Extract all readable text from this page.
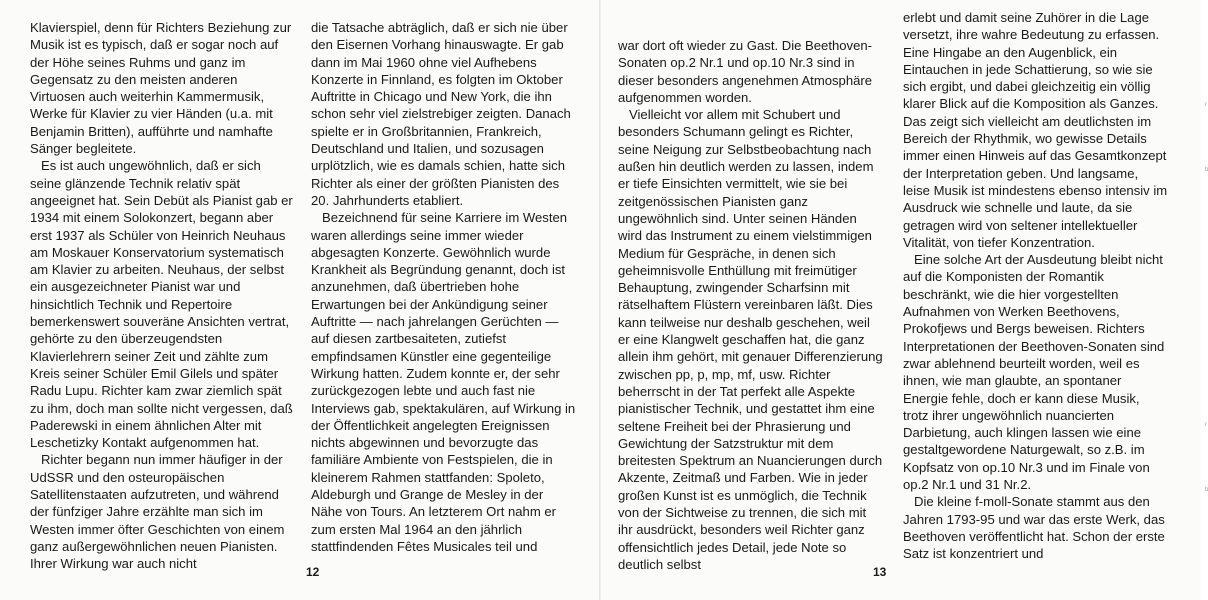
Klavierspiel, denn für Richters Beziehung zur Musik ist es typisch, daß er sogar noch auf der Höhe seines Ruhms und ganz im Gegensatz zu den meisten anderen Virtuosen auch weiterhin Kammermusik, Werke für Klavier zu vier Händen (u.a. mit Benjamin Britten), aufführte und namhafte Sänger begleitete.

Es ist auch ungewöhnlich, daß er sich seine glänzende Technik relativ spät angeeignet hat. Sein Debüt als Pianist gab er 1934 mit einem Solokonzert, begann aber erst 1937 als Schüler von Heinrich Neuhaus am Moskauer Konservatorium systematisch am Klavier zu arbeiten. Neuhaus, der selbst ein ausgezeichneter Pianist war und hinsichtlich Technik und Repertoire bemerkenswert souveräne Ansichten vertrat, gehörte zu den überzeugendsten Klavierlehrern seiner Zeit und zählte zum Kreis seiner Schüler Emil Gilels und später Radu Lupu. Richter kam zwar ziemlich spät zu ihm, doch man sollte nicht vergessen, daß Paderewski in einem ähnlichen Alter mit Leschetizky Kontakt aufgenommen hat.

Richter begann nun immer häufiger in der UdSSR und den osteuropäischen Satellitenstaaten aufzutreten, und während der fünfziger Jahre erzählte man sich im Westen immer öfter Geschichten von einem ganz außergewöhnlichen neuen Pianisten. Ihrer Wirkung war auch nicht

die Tatsache abträglich, daß er sich nie über den Eisernen Vorhang hinauswagte. Er gab dann im Mai 1960 ohne viel Aufhebens Konzerte in Finnland, es folgten im Oktober Auftritte in Chicago und New York, die ihn schon sehr viel zielstrebiger zeigten. Danach spielte er in Großbritannien, Frankreich, Deutschland und Italien, und sozusagen urplötzlich, wie es damals schien, hatte sich Richter als einer der größten Pianisten des 20. Jahrhunderts etabliert.

Bezeichnend für seine Karriere im Westen waren allerdings seine immer wieder abgesagten Konzerte. Gewöhnlich wurde Krankheit als Begründung genannt, doch ist anzunehmen, daß übertrieben hohe Erwartungen bei der Ankündigung seiner Auftritte — nach jahrelangen Gerüchten — auf diesen zartbesaiteten, zutiefst empfindsamen Künstler eine gegenteilige Wirkung hatten. Zudem konnte er, der sehr zurückgezogen lebte und auch fast nie Interviews gab, spektakulären, auf Wirkung in der Öffentlichkeit angelegten Ereignissen nichts abgewinnen und bevorzugte das familiäre Ambiente von Festspielen, die in kleinerem Rahmen stattfanden: Spoleto, Aldeburgh und Grange de Mesley in der Nähe von Tours. An letzterem Ort nahm er zum ersten Mal 1964 an den jährlich stattfindenden Fêtes Musicales teil und

12
ʳ
ᵇ
ʳ
ᵇ

war dort oft wieder zu Gast. Die Beethoven-Sonaten op.2 Nr.1 und op.10 Nr.3 sind in dieser besonders angenehmen Atmosphäre aufgenommen worden.

Vielleicht vor allem mit Schubert und besonders Schumann gelingt es Richter, seine Neigung zur Selbstbeobachtung nach außen hin deutlich werden zu lassen, indem er tiefe Einsichten vermittelt, wie sie bei zeitgenössischen Pianisten ganz ungewöhnlich sind. Unter seinen Händen wird das Instrument zu einem vielstimmigen Medium für Gespräche, in denen sich geheimnisvolle Enthüllung mit freimütiger Behauptung, zwingender Scharfsinn mit rätselhaftem Flüstern vereinbaren läßt. Dies kann teilweise nur deshalb geschehen, weil er eine Klangwelt geschaffen hat, die ganz allein ihm gehört, mit genauer Differenzierung zwischen pp, p, mp, mf, usw. Richter beherrscht in der Tat perfekt alle Aspekte pianistischer Technik, und gestattet ihm eine seltene Freiheit bei der Phrasierung und Gewichtung der Satzstruktur mit dem breitesten Spektrum an Nuancierungen durch Akzente, Zeitmaß und Farben. Wie in jeder großen Kunst ist es unmöglich, die Technik von der Sichtweise zu trennen, die sich mit ihr ausdrückt, besonders weil Richter ganz offensichtlich jedes Detail, jede Note so deutlich selbst

erlebt und damit seine Zuhörer in die Lage versetzt, ihre wahre Bedeutung zu erfassen. Eine Hingabe an den Augenblick, ein Eintauchen in jede Schattierung, so wie sie sich ergibt, und dabei gleichzeitig ein völlig klarer Blick auf die Komposition als Ganzes. Das zeigt sich vielleicht am deutlichsten im Bereich der Rhythmik, wo gewisse Details immer einen Hinweis auf das Gesamtkonzept der Interpretation geben. Und langsame, leise Musik ist mindestens ebenso intensiv im Ausdruck wie schnelle und laute, da sie getragen wird von seltener intellektueller Vitalität, von tiefer Konzentration.

Eine solche Art der Ausdeutung bleibt nicht auf die Komponisten der Romantik beschränkt, wie die hier vorgestellten Aufnahmen von Werken Beethovens, Prokofjews und Bergs beweisen. Richters Interpretationen der Beethoven-Sonaten sind zwar ablehnend beurteilt worden, weil es ihnen, wie man glaubte, an spontaner Energie fehle, doch er kann diese Musik, trotz ihrer ungewöhnlich nuancierten Darbietung, auch klingen lassen wie eine gestaltgewordene Naturgewalt, so z.B. im Kopfsatz von op.10 Nr.3 und im Finale von op.2 Nr.1 und 31 Nr.2.

Die kleine f-moll-Sonate stammt aus den Jahren 1793-95 und war das erste Werk, das Beethoven veröffentlicht hat. Schon der erste Satz ist konzentriert und

13
